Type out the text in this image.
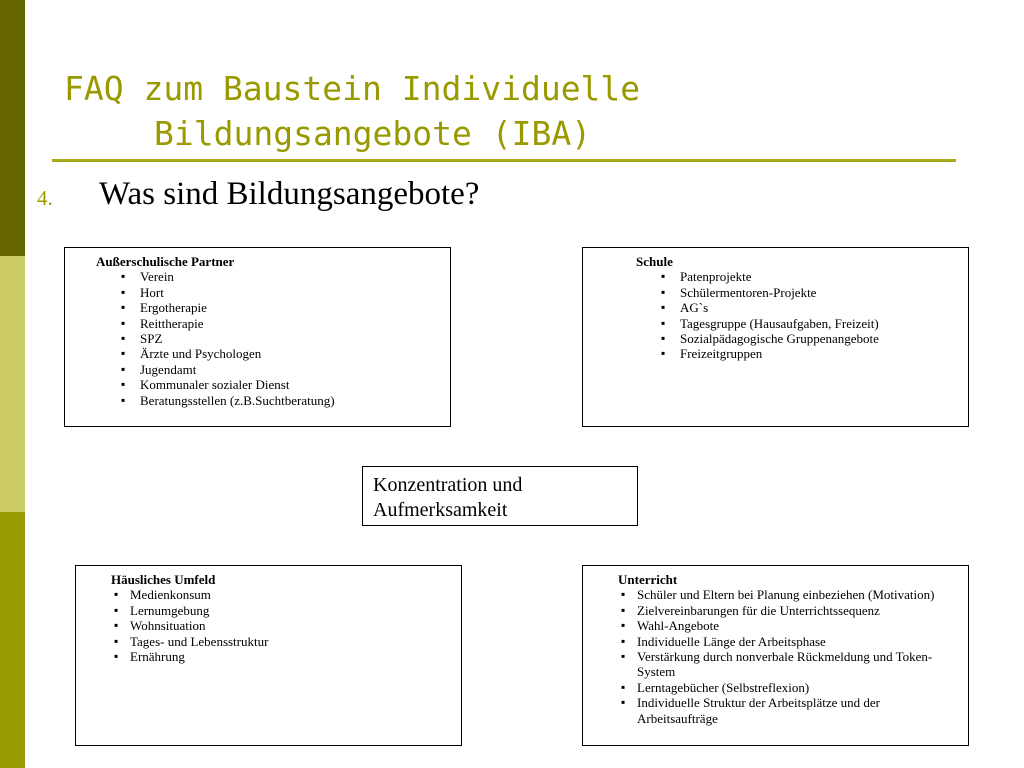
FAQ zum Baustein Individuelle
Bildungsangebote (IBA)
4. Was sind Bildungsangebote?
Außerschulische Partner
▪ Verein
▪ Hort
▪ Ergotherapie
▪ Reittherapie
▪ SPZ
▪ Ärzte und Psychologen
▪ Jugendamt
▪ Kommunaler sozialer Dienst
▪ Beratungsstellen (z.B.Suchtberatung)
Schule
▪ Patenprojekte
▪ Schülermentoren-Projekte
▪ AG`s
▪ Tagesgruppe (Hausaufgaben, Freizeit)
▪ Sozialpädagogische Gruppenangebote
▪ Freizeitgruppen
Konzentration und
Aufmerksamkeit
Häusliches Umfeld
▪ Medienkonsum
▪ Lernumgebung
▪ Wohnsituation
▪ Tages- und Lebensstruktur
▪ Ernährung
Unterricht
▪ Schüler und Eltern bei Planung einbeziehen (Motivation)
▪ Zielvereinbarungen für die Unterrichtssequenz
▪ Wahl-Angebote
▪ Individuelle Länge der Arbeitsphase
▪ Verstärkung durch nonverbale Rückmeldung und Token-System
▪ Lerntagebücher (Selbstreflexion)
▪ Individuelle Struktur der Arbeitsplätze und der Arbeitsaufträge
